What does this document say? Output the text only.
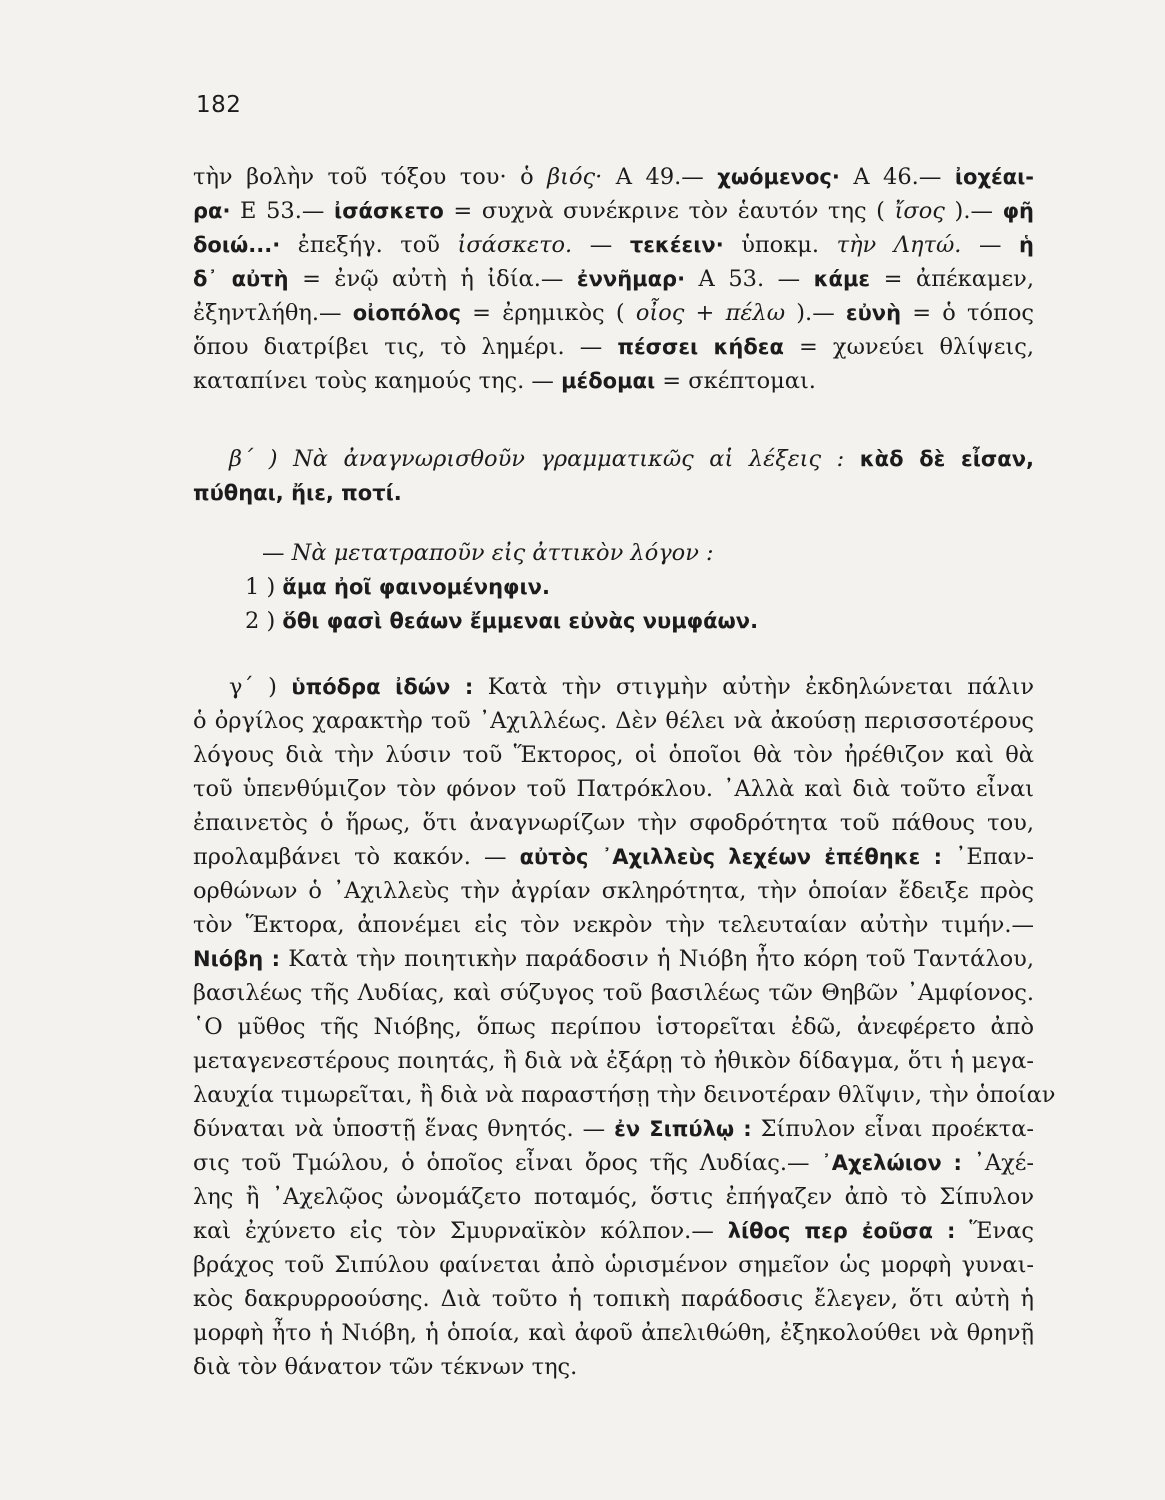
182
τὴν βολὴν τοῦ τόξου του· ὁ βιός· Α 49.— χωόμενος· Α 46.— ἰοχέαι-
ρα· Ε 53.— ἰσάσκετο = συχνὰ συνέκρινε τὸν ἑαυτόν της ( ἴσος ).— φῆ
δοιώ...· ἐπεξήγ. τοῦ ἰσάσκετο. — τεκέειν· ὑποκμ. τὴν Λητώ. — ἡ
δ᾽ αὐτὴ = ἐνῷ αὐτὴ ἡ ἰδία.— ἐννῆμαρ· Α 53. — κάμε = ἀπέκαμεν,
ἐξηντλήθη.— οἰοπόλος = ἐρημικὸς ( οἶος + πέλω ).— εὐνὴ = ὁ τόπος
ὅπου διατρίβει τις, τὸ λημέρι. — πέσσει κήδεα = χωνεύει θλίψεις,
καταπίνει τοὺς καημούς της. — μέδομαι = σκέπτομαι.
β´ ) Νὰ ἀναγνωρισθοῦν γραμματικῶς αἱ λέξεις : κὰδ δὲ εἶσαν,
πύθηαι, ἤιε, ποτί.
— Νὰ μετατραποῦν εἰς ἀττικὸν λόγον :
1 ) ἅμα ἠοῖ φαινομένηφιν.
2 ) ὅθι φασὶ θεάων ἔμμεναι εὐνὰς νυμφάων.
γ´ ) ὑπόδρα ἰδών : Κατὰ τὴν στιγμὴν αὐτὴν ἐκδηλώνεται πάλιν
ὁ ὀργίλος χαρακτὴρ τοῦ ᾿Αχιλλέως. Δὲν θέλει νὰ ἀκούσῃ περισσοτέρους
λόγους διὰ τὴν λύσιν τοῦ Ἕκτορος, οἱ ὁποῖοι θὰ τὸν ἠρέθιζον καὶ θὰ
τοῦ ὑπενθύμιζον τὸν φόνον τοῦ Πατρόκλου. ᾿Αλλὰ καὶ διὰ τοῦτο εἶναι
ἐπαινετὸς ὁ ἥρως, ὅτι ἀναγνωρίζων τὴν σφοδρότητα τοῦ πάθους του,
προλαμβάνει τὸ κακόν. — αὐτὸς ᾿Αχιλλεὺς λεχέων ἐπέθηκε : ᾿Επαν-
ορθώνων ὁ ᾿Αχιλλεὺς τὴν ἀγρίαν σκληρότητα, τὴν ὁποίαν ἔδειξε πρὸς
τὸν Ἕκτορα, ἀπονέμει εἰς τὸν νεκρὸν τὴν τελευταίαν αὐτὴν τιμήν.—
Νιόβη : Κατὰ τὴν ποιητικὴν παράδοσιν ἡ Νιόβη ἦτο κόρη τοῦ Ταντάλου,
βασιλέως τῆς Λυδίας, καὶ σύζυγος τοῦ βασιλέως τῶν Θηβῶν ᾿Αμφίονος.
῾Ο μῦθος τῆς Νιόβης, ὅπως περίπου ἱστορεῖται ἐδῶ, ἀνεφέρετο ἀπὸ
μεταγενεστέρους ποιητάς, ἢ διὰ νὰ ἐξάρῃ τὸ ἠθικὸν δίδαγμα, ὅτι ἡ μεγα-
λαυχία τιμωρεῖται, ἢ διὰ νὰ παραστήσῃ τὴν δεινοτέραν θλῖψιν, τὴν ὁποίαν
δύναται νὰ ὑποστῇ ἕνας θνητός. — ἐν Σιπύλῳ : Σίπυλον εἶναι προέκτα-
σις τοῦ Τμώλου, ὁ ὁποῖος εἶναι ὄρος τῆς Λυδίας.— ᾿Αχελώιον : ᾿Αχέ-
λης ἢ ᾿Αχελῷος ὠνομάζετο ποταμός, ὅστις ἐπήγαζεν ἀπὸ τὸ Σίπυλον
καὶ ἐχύνετο εἰς τὸν Σμυρναϊκὸν κόλπον.— λίθος περ ἐοῦσα : Ἕνας
βράχος τοῦ Σιπύλου φαίνεται ἀπὸ ὡρισμένον σημεῖον ὡς μορφὴ γυναι-
κὸς δακρυρροούσης. Διὰ τοῦτο ἡ τοπικὴ παράδοσις ἔλεγεν, ὅτι αὐτὴ ἡ
μορφὴ ἦτο ἡ Νιόβη, ἡ ὁποία, καὶ ἀφοῦ ἀπελιθώθη, ἐξηκολούθει νὰ θρηνῇ
διὰ τὸν θάνατον τῶν τέκνων της.
